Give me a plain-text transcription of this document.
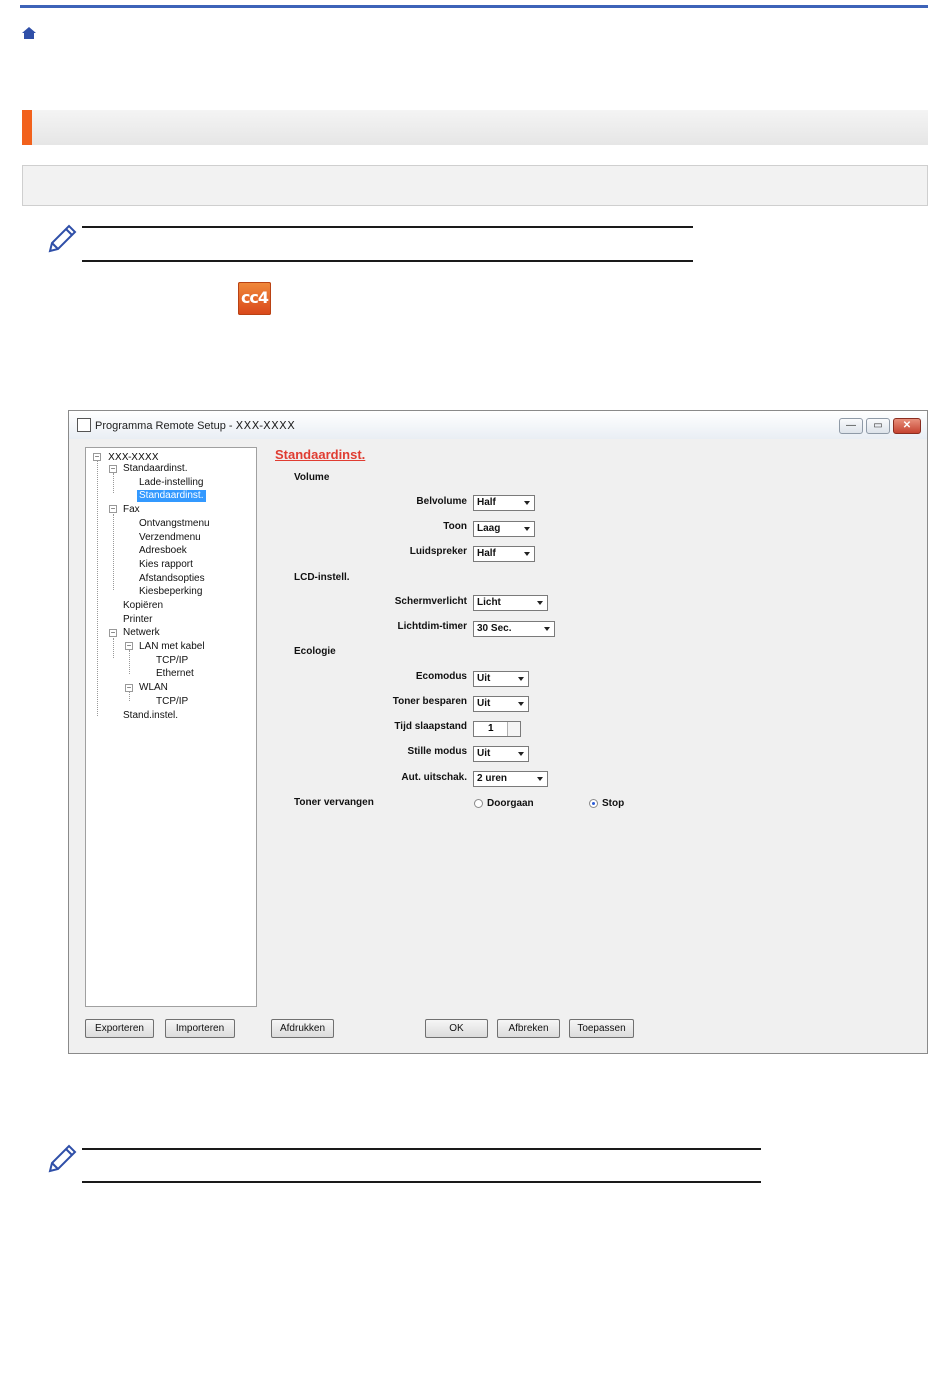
cc4
Programma Remote Setup - XXX-XXXX	—	▭	✕
− XXX-XXXX
− Standaardinst.
Lade-instelling
Standaardinst.
− Fax
Ontvangstmenu
Verzendmenu
Adresboek
Kies rapport
Afstandsopties
Kiesbeperking
Kopiëren
Printer
− Netwerk
− LAN met kabel
TCP/IP
Ethernet
− WLAN
TCP/IP
Stand.instel.
Standaardinst.
Volume
Belvolume	Half
Toon	Laag
Luidspreker	Half
LCD-instell.
Schermverlicht	Licht
Lichtdim-timer	30 Sec.
Ecologie
Ecomodus	Uit
Toner besparen	Uit
Tijd slaapstand	1
Stille modus	Uit
Aut. uitschak.	2 uren
Toner vervangen	Doorgaan	Stop
Exporteren	Importeren	Afdrukken	OK	Afbreken	Toepassen
